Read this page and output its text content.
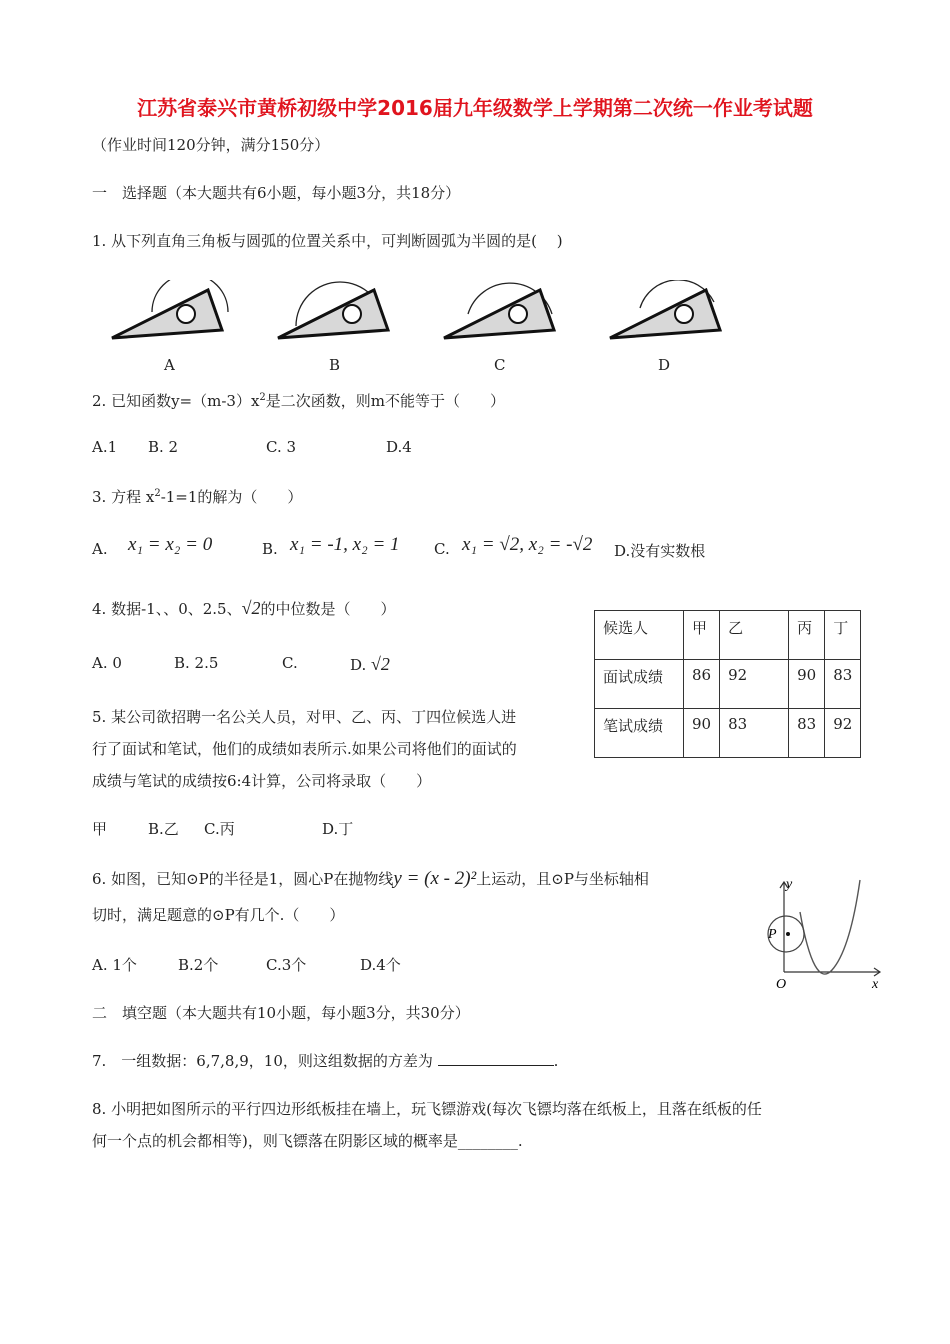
江苏省泰兴市黄桥初级中学2016届九年级数学上学期第二次统一作业考试题
（作业时间120分钟，满分150分）
一　选择题（本大题共有6小题，每小题3分，共18分）
1. 从下列直角三角板与圆弧的位置关系中，可判断圆弧为半圆的是(　 )
A	B	C	D
2. 已知函数$y=(m-3)x^2$是二次函数，则m不能等于（　　）
A.1 B. 2	C. 3	D.4
3. 方程 $x^2-1=1$的解为（　　）
A. x₁ = x₂ = 0	B. x₁ = -1, x₂ = 1 C. x₁ = √2, x₂ = -√2 D.没有实数根
4. 数据-1、、0、2.5、√2的中位数是（　　）
A. 0	B. 2.5	C.	D. √2
5. 某公司欲招聘一名公关人员，对甲、乙、丙、丁四位候选人进
行了面试和笔试，他们的成绩如表所示.如果公司将他们的面试的
成绩与笔试的成绩按6:4计算，公司将录取（　　）
甲	B.乙 C.丙	D.丁
候选人	甲	乙	丙	丁
面试成绩	86	92	90	83
笔试成绩	90	83	83	92
6. 如图，已知⊙P的半径是1，圆心P在抛物线y = (x - 2)²上运动，且⊙P与坐标轴相
切时，满足题意的⊙P有几个.（　　）
A. 1个	B.2个	C.3个	D.4个
y
x
O
P
二　填空题（本大题共有10小题，每小题3分，共30分）
7.　一组数据：6,7,8,9，10，则这组数据的方差为	.
8. 小明把如图所示的平行四边形纸板挂在墙上，玩飞镖游戏(每次飞镖均落在纸板上，且落在纸板的任
何一个点的机会都相等)，则飞镖落在阴影区域的概率是________.
